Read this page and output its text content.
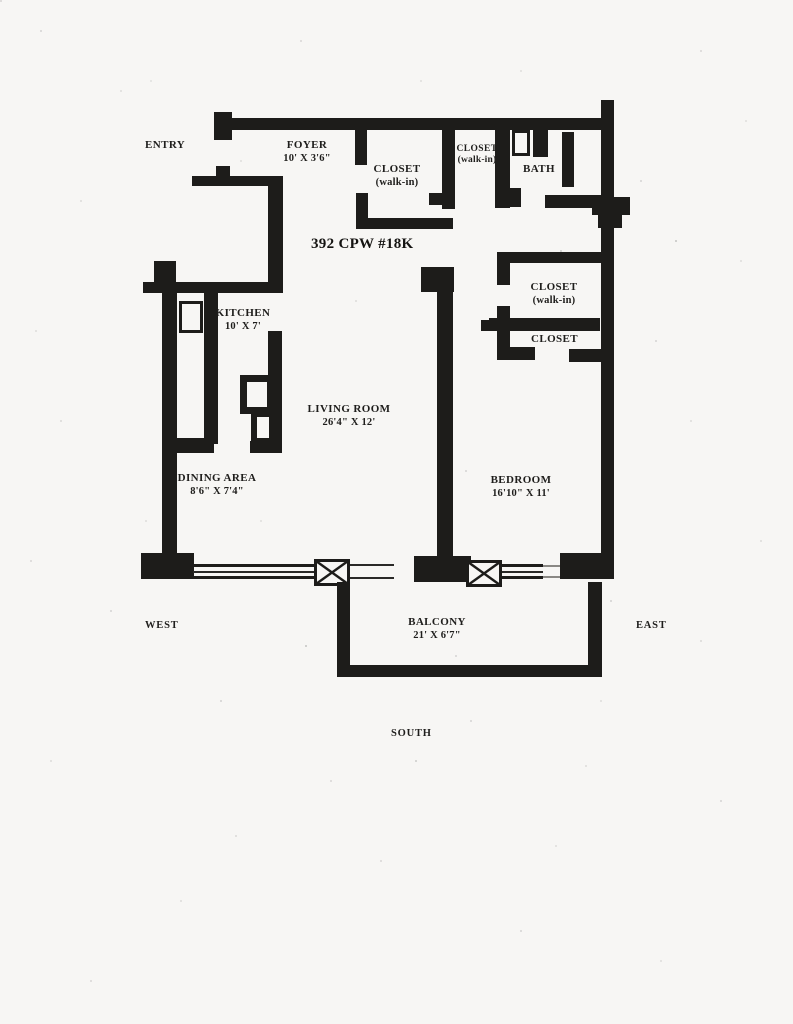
392 CPW #18K
ENTRY	FOYER
10' X 3'6"
CLOSET
(walk-in)
CLOSET
(walk-in)
BATH
KITCHEN
10' X 7'
CLOSET
(walk-in)
CLOSET
LIVING ROOM
26'4" X 12'
DINING AREA
8'6" X 7'4"
BEDROOM
16'10" X 11'
BALCONY
21' X 6'7"
WEST	EAST
SOUTH
